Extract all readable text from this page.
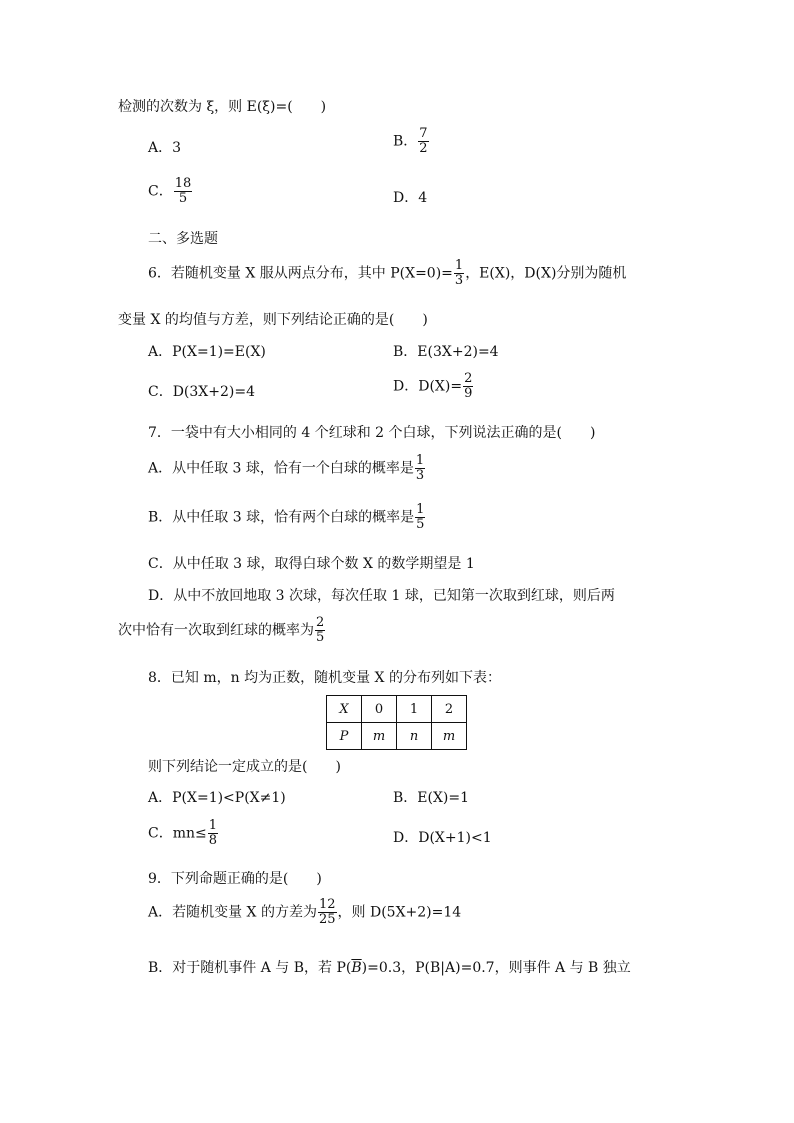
检测的次数为 ξ，则 E(ξ)=(　　)
A．3	B． $\frac{7}{2}$
C． $\frac{18}{5}$	D．4
二、多选题
6．若随机变量 X 服从两点分布，其中 $P(X=0)= \frac{1}{3}$ ，E(X)，D(X)分别为随机
变量 X 的均值与方差，则下列结论正确的是(　　)
A．P(X=1)=E(X)	B．E(3X+2)=4
C．D(3X+2)=4	D．$D(X)= \frac{2}{9}$
7．一袋中有大小相同的 4 个红球和 2 个白球，下列说法正确的是(　　)
A．从中任取 3 球，恰有一个白球的概率是 $\frac{1}{3}$
B．从中任取 3 球，恰有两个白球的概率是 $\frac{1}{5}$
C．从中任取 3 球，取得白球个数 X 的数学期望是 1
D．从中不放回地取 3 次球，每次任取 1 球，已知第一次取到红球，则后两
次中恰有一次取到红球的概率为 $\frac{2}{5}$
8．已知 m，n 均为正数，随机变量 X 的分布列如下表：
X	0	1	2
P	m	n	m
则下列结论一定成立的是(　　)
A．P(X=1)<P(X≠1)	B．E(X)=1
C．$mn\le \frac{1}{8}$	D．D(X+1)<1
9．下列命题正确的是(　　)
A．若随机变量 X 的方差为 $\frac{12}{25}$ ，则 D(5X+2)=14
B．对于随机事件 A 与 B，若 $P(\overline{B})=0.3$，P(B|A)=0.7，则事件 A 与 B 独立
